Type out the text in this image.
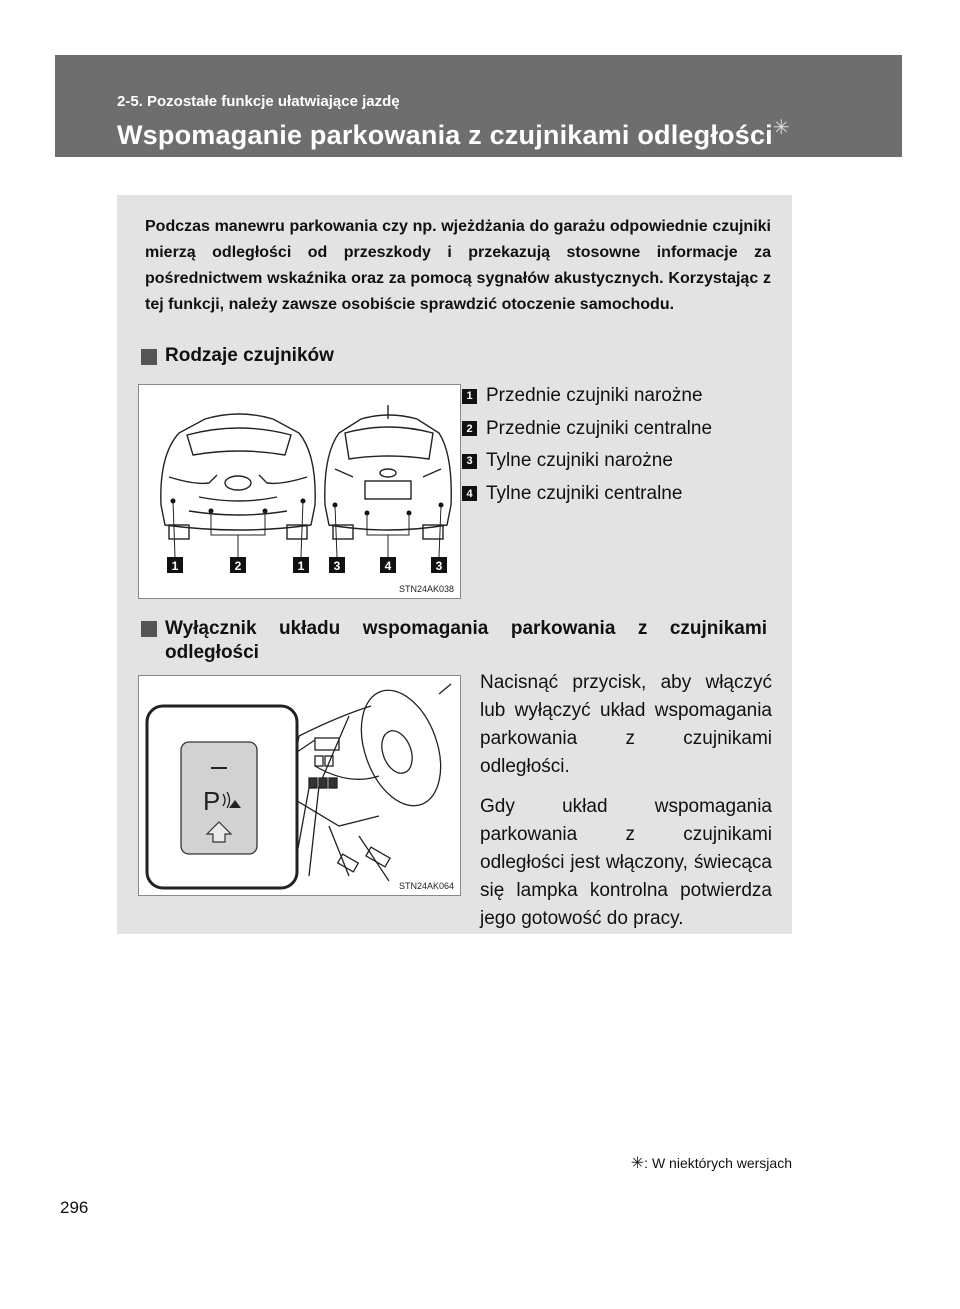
2-5. Pozostałe funkcje ułatwiające jazdę
Wspomaganie parkowania z czujnikami odległości✳
Podczas manewru parkowania czy np. wjeżdżania do garażu odpowiednie czujniki mierzą odległości od przeszkody i przekazują stosowne informacje za pośrednictwem wskaźnika oraz za pomocą sygnałów akustycznych. Korzystając z tej funkcji, należy zawsze osobiście sprawdzić otoczenie samochodu.
Rodzaje czujników
1	2	1 3	4	3
STN24AK038
1 Przednie czujniki narożne
2 Przednie czujniki centralne
3 Tylne czujniki narożne
4 Tylne czujniki centralne
Wyłącznik układu wspomagania parkowania z czujnikami odległości
P
STN24AK064

Nacisnąć przycisk, aby włączyć lub wyłączyć układ wspomagania parkowania z czujnikami odległości.

Gdy układ wspomagania parkowania z czujnikami odległości jest włączony, świecąca się lampka kontrolna potwierdza jego gotowość do pracy.

✳: W niektórych wersjach
296
